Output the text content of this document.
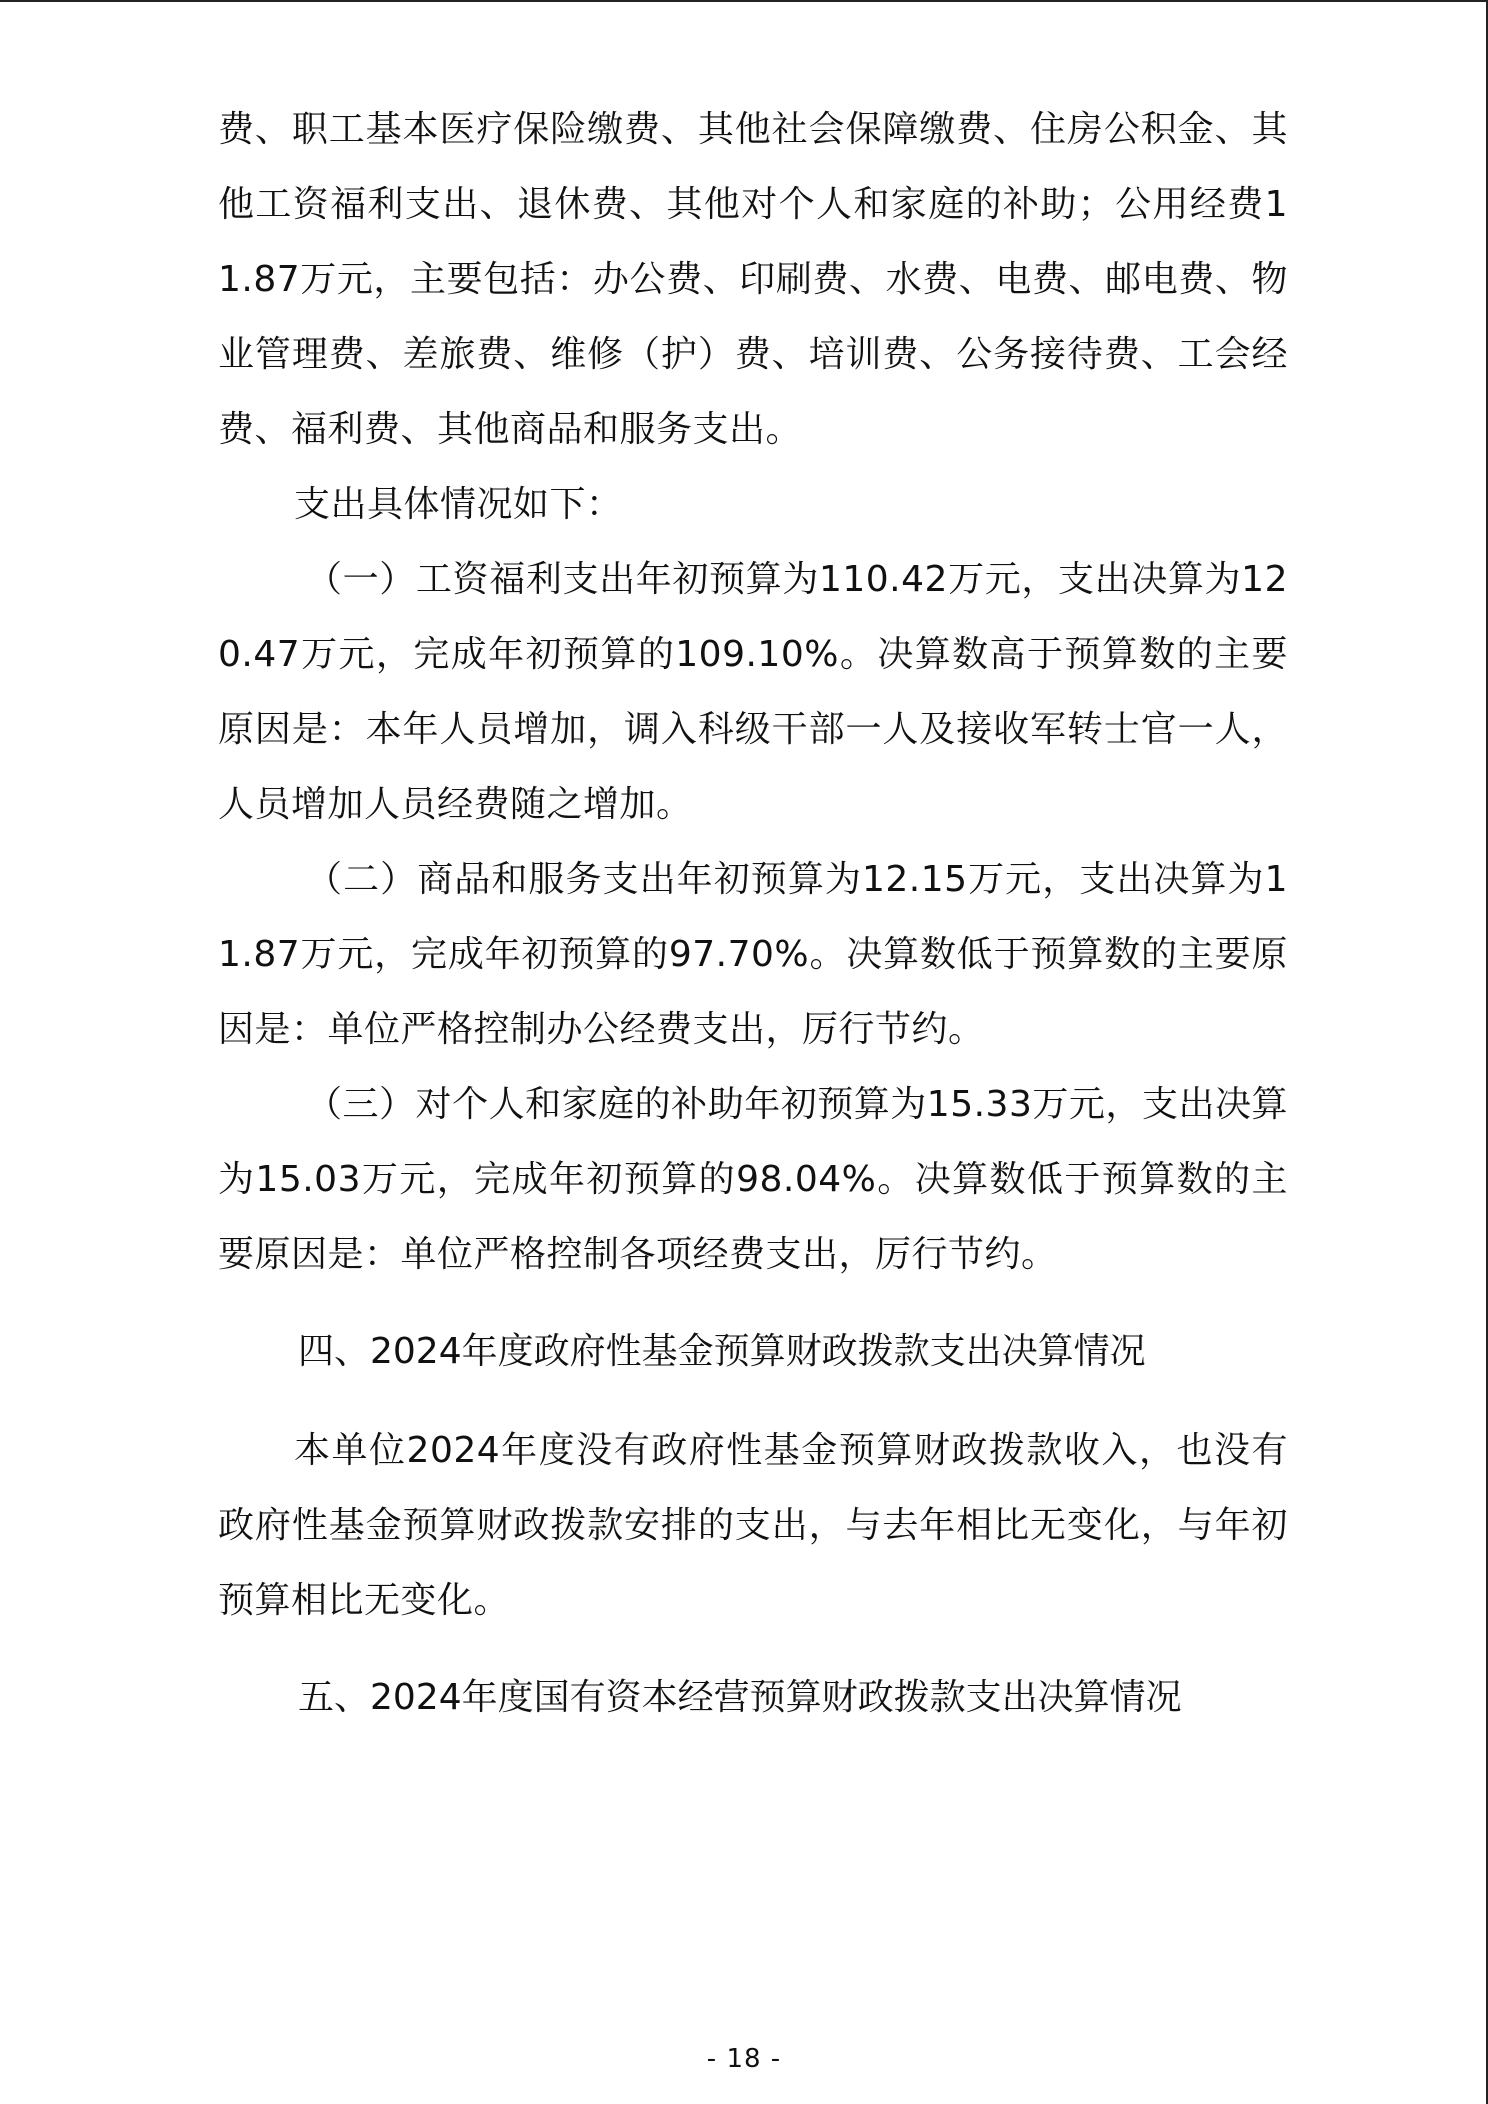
费、职工基本医疗保险缴费、其他社会保障缴费、住房公积金、其他工资福利支出、退休费、其他对个人和家庭的补助；公用经费11.87万元，主要包括：办公费、印刷费、水费、电费、邮电费、物业管理费、差旅费、维修（护）费、培训费、公务接待费、工会经费、福利费、其他商品和服务支出。

支出具体情况如下：

（一）工资福利支出年初预算为110.42万元，支出决算为120.47万元，完成年初预算的109.10%。决算数高于预算数的主要原因是：本年人员增加，调入科级干部一人及接收军转士官一人，人员增加人员经费随之增加。

（二）商品和服务支出年初预算为12.15万元，支出决算为11.87万元，完成年初预算的97.70%。决算数低于预算数的主要原因是：单位严格控制办公经费支出，厉行节约。

（三）对个人和家庭的补助年初预算为15.33万元，支出决算为15.03万元，完成年初预算的98.04%。决算数低于预算数的主要原因是：单位严格控制各项经费支出，厉行节约。

四、2024年度政府性基金预算财政拨款支出决算情况

本单位2024年度没有政府性基金预算财政拨款收入，也没有政府性基金预算财政拨款安排的支出，与去年相比无变化，与年初预算相比无变化。

五、2024年度国有资本经营预算财政拨款支出决算情况
- 18 -
